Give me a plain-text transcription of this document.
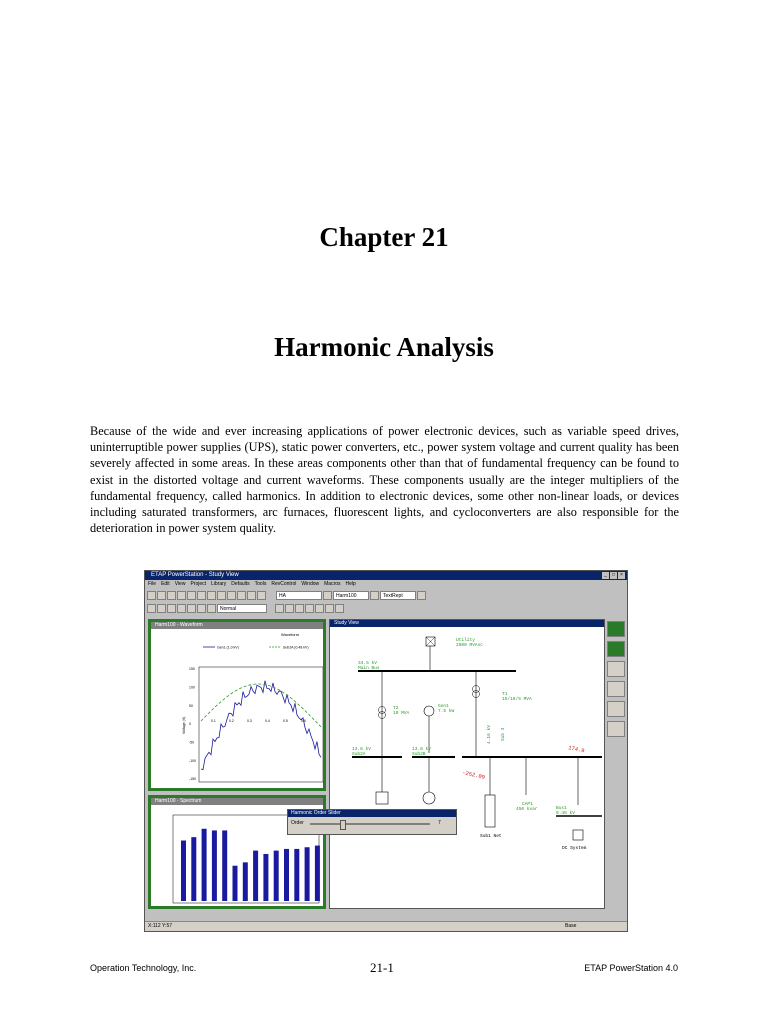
Chapter 21
Harmonic Analysis
Because of the wide and ever increasing applications of power electronic devices, such as variable speed drives, uninterruptible power supplies (UPS), static power converters, etc., power system voltage and current quality has been severely affected in some areas. In these areas components other than that of fundamental frequency can be found to exist in the distorted voltage and current waveforms. These components usually are the integer multipliers of the fundamental frequency, called harmonics. In addition to electronic devices, some other non-linear loads, or devices including saturated transformers, arc furnaces, fluorescent lights, and cycloconverters are also responsible for the deterioration in power system quality.
ETAP PowerStation - Study View	_	□	×
File Edit View Project Library Defaults Tools RevControl Window Macros Help
HA	Harm100	TextRept
Normal
Harm100 - Waveform
Waveform
Gen1 (1.0 kV)	Sub2A (0.48 kV)
Voltage (V)
150
100
50
0
-50
-100
-150
0.1	0.2	0.3	0.4	0.5	0.6
Harm100 - Spectrum
Study View
Utility
2500 MVAsc
34.5 kV
Main Bus
T1
15/10/5 MVA
T2
10 MVA
Gen1
7.5 kW
13.8 kV
Sub2A
13.8 kV
Sub2B
Sub 3
4.16 kV
-252.09
174.9
Sub1 Net
CAP1
450 kvar	Bus1
0.48 kV
DC System
Harmonic Order Slider
Order	7
X:112 Y:57	Base
Operation Technology, Inc.	21-1	ETAP PowerStation 4.0
